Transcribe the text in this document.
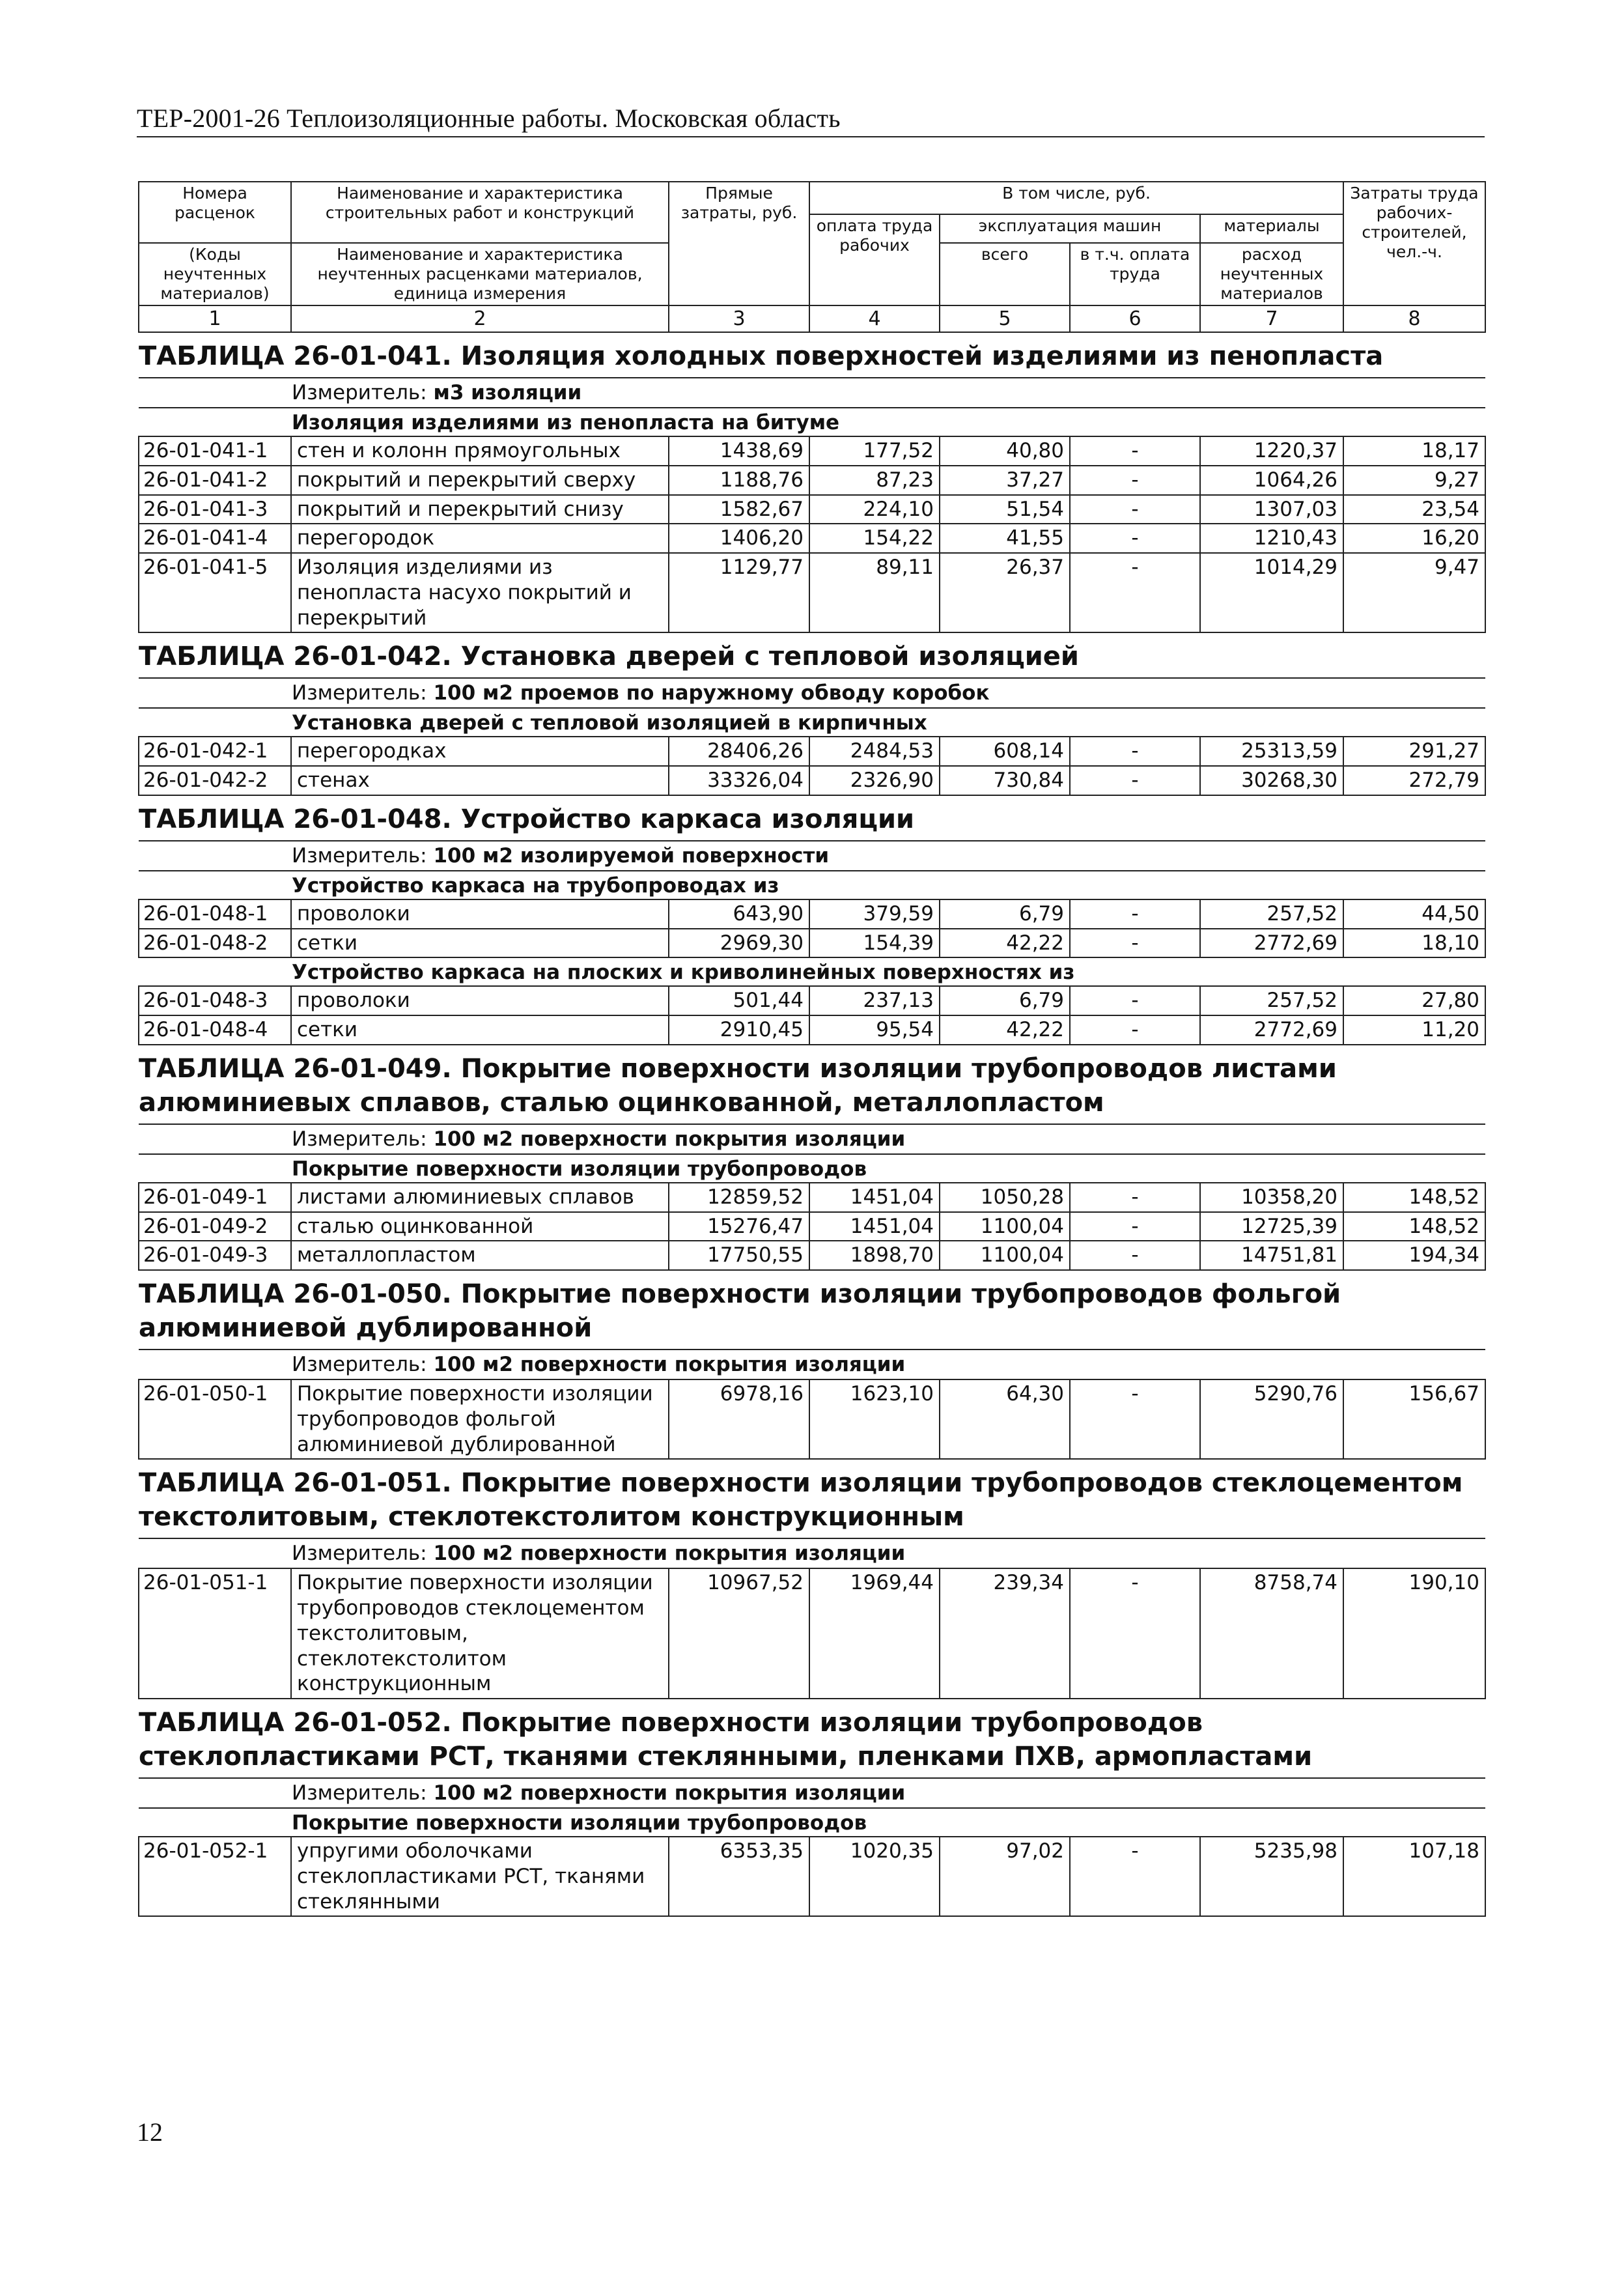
ТЕР-2001-26 Теплоизоляционные работы. Московская область
Номера расценок	Наименование и характеристика строительных работ и конструкций	Прямые затраты, руб.	В том числе, руб.				Затраты труда рабочих-строителей, чел.-ч.
			оплата труда рабочих	эксплуатация машин		материалы	
(Коды неучтенных материалов)	Наименование и характеристика неучтенных расценками материалов, единица измерения			всего	в т.ч. оплата труда	расход неучтенных материалов	

1	2	3	4	5	6	7	8
ТАБЛИЦА 26-01-041. Изоляция холодных поверхностей изделиями из пенопласта							
Измеритель: м3 изоляции							
Изоляция изделиями из пенопласта на битуме							
26-01-041-1	стен и колонн прямоугольных	1438,69	177,52	40,80	-	1220,37	18,17
26-01-041-2	покрытий и перекрытий сверху	1188,76	87,23	37,27	-	1064,26	9,27
26-01-041-3	покрытий и перекрытий снизу	1582,67	224,10	51,54	-	1307,03	23,54
26-01-041-4	перегородок	1406,20	154,22	41,55	-	1210,43	16,20
26-01-041-5	Изоляция изделиями из пенопласта насухо покрытий и перекрытий	1129,77	89,11	26,37	-	1014,29	9,47
ТАБЛИЦА 26-01-042. Установка дверей с тепловой изоляцией							
Измеритель: 100 м2 проемов по наружному обводу коробок							
Установка дверей с тепловой изоляцией в кирпичных							
26-01-042-1	перегородках	28406,26	2484,53	608,14	-	25313,59	291,27
26-01-042-2	стенах	33326,04	2326,90	730,84	-	30268,30	272,79
ТАБЛИЦА 26-01-048. Устройство каркаса изоляции							
Измеритель: 100 м2 изолируемой поверхности							
Устройство каркаса на трубопроводах из							
26-01-048-1	проволоки	643,90	379,59	6,79	-	257,52	44,50
26-01-048-2	сетки	2969,30	154,39	42,22	-	2772,69	18,10
Устройство каркаса на плоских и криволинейных поверхностях из							
26-01-048-3	проволоки	501,44	237,13	6,79	-	257,52	27,80
26-01-048-4	сетки	2910,45	95,54	42,22	-	2772,69	11,20
ТАБЛИЦА 26-01-049. Покрытие поверхности изоляции трубопроводов листами алюминиевых сплавов, сталью оцинкованной, металлопластом							
Измеритель: 100 м2 поверхности покрытия изоляции							
Покрытие поверхности изоляции трубопроводов							
26-01-049-1	листами алюминиевых сплавов	12859,52	1451,04	1050,28	-	10358,20	148,52
26-01-049-2	сталью оцинкованной	15276,47	1451,04	1100,04	-	12725,39	148,52
26-01-049-3	металлопластом	17750,55	1898,70	1100,04	-	14751,81	194,34
ТАБЛИЦА 26-01-050. Покрытие поверхности изоляции трубопроводов фольгой алюминиевой дублированной							
Измеритель: 100 м2 поверхности покрытия изоляции							
26-01-050-1	Покрытие поверхности изоляции трубопроводов фольгой алюминиевой дублированной	6978,16	1623,10	64,30	-	5290,76	156,67
ТАБЛИЦА 26-01-051. Покрытие поверхности изоляции трубопроводов стеклоцементом текстолитовым, стеклотекстолитом конструкционным							
Измеритель: 100 м2 поверхности покрытия изоляции							
26-01-051-1	Покрытие поверхности изоляции трубопроводов стеклоцементом текстолитовым, стеклотекстолитом конструкционным	10967,52	1969,44	239,34	-	8758,74	190,10
ТАБЛИЦА 26-01-052. Покрытие поверхности изоляции трубопроводов стеклопластиками РСТ, тканями стеклянными, пленками ПХВ, армопластами							
Измеритель: 100 м2 поверхности покрытия изоляции							
Покрытие поверхности изоляции трубопроводов							
26-01-052-1	упругими оболочками стеклопластиками РСТ, тканями стеклянными	6353,35	1020,35	97,02	-	5235,98	107,18
12
